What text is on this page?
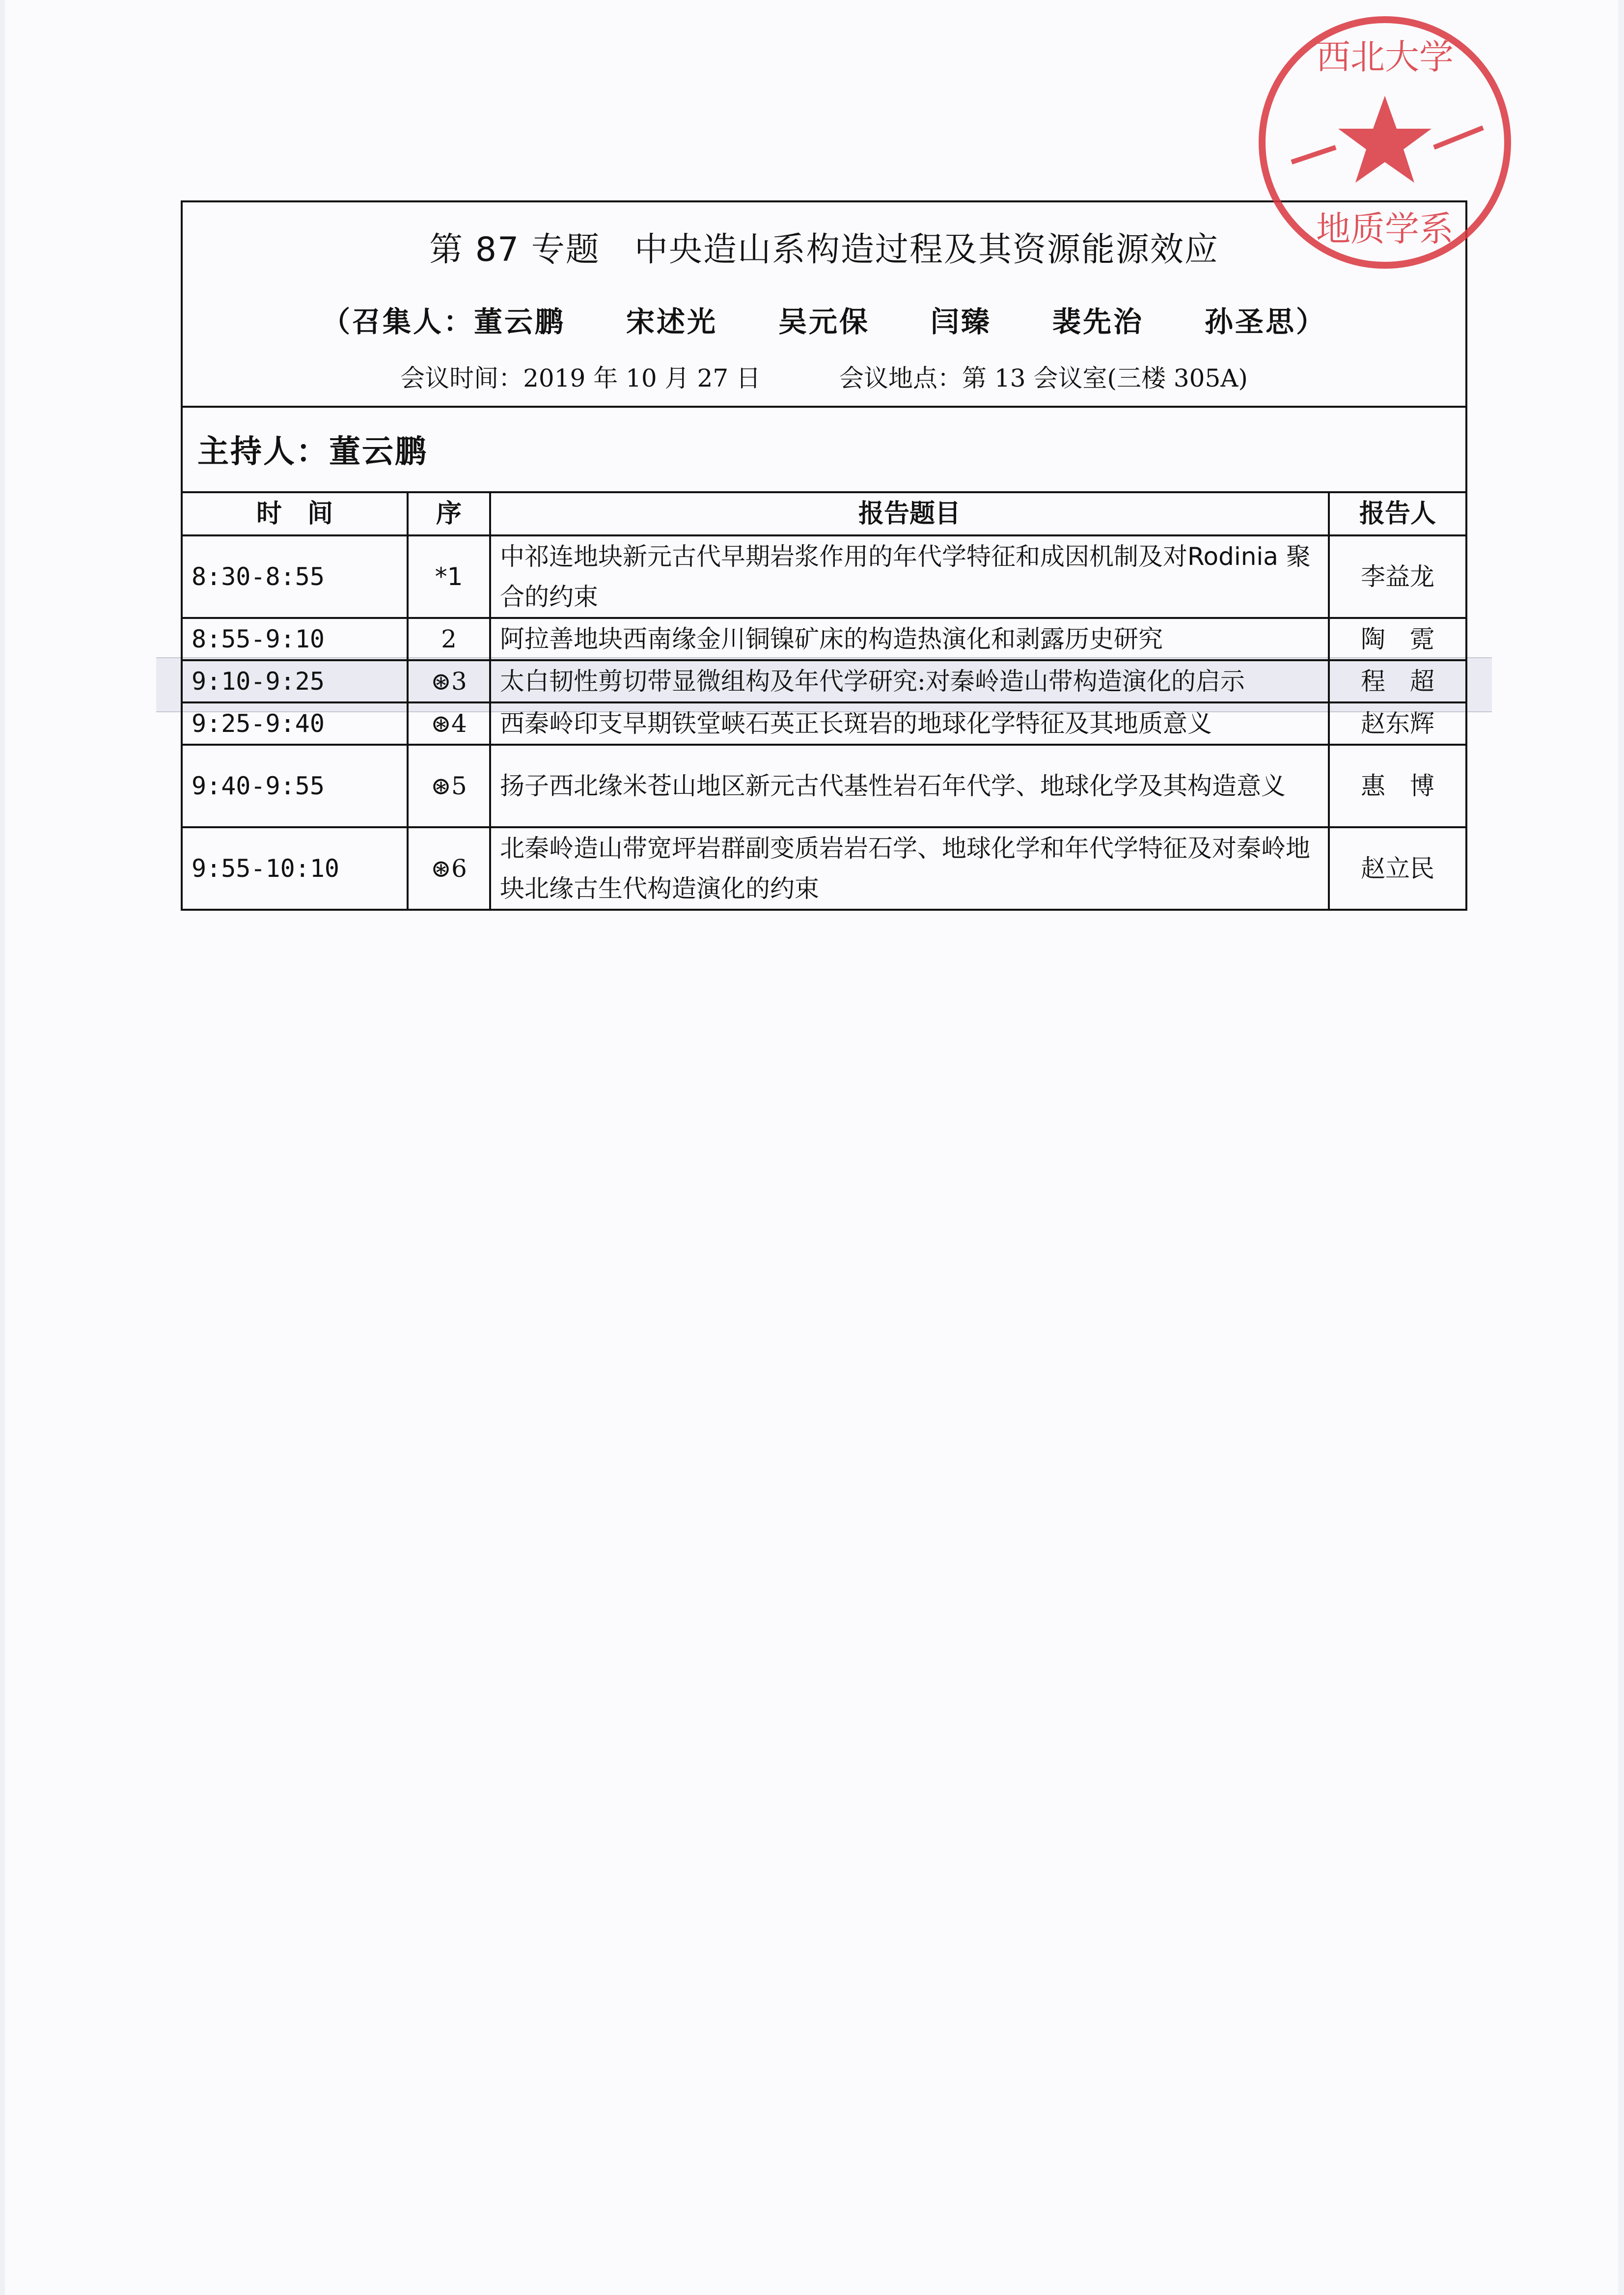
第 87 专题　中央造山系构造过程及其资源能源效应
（召集人：董云鹏　　宋述光　　吴元保　　闫臻　　裴先治　　孙圣思）
会议时间：2019 年 10 月 27 日	会议地点：第 13 会议室(三楼 305A)
主持人：董云鹏
时　间	序	报告题目	报告人
8:30-8:55	*1	中祁连地块新元古代早期岩浆作用的年代学特征和成因机制及对Rodinia 聚合的约束	李益龙
8:55-9:10	2	阿拉善地块西南缘金川铜镍矿床的构造热演化和剥露历史研究	陶　霓
9:10-9:25	⊛3	太白韧性剪切带显微组构及年代学研究:对秦岭造山带构造演化的启示	程　超
9:25-9:40	⊛4	西秦岭印支早期铁堂峡石英正长斑岩的地球化学特征及其地质意义	赵东辉
9:40-9:55	⊛5	扬子西北缘米苍山地区新元古代基性岩石年代学、地球化学及其构造意义	惠　博
9:55-10:10	⊛6	北秦岭造山带宽坪岩群副变质岩岩石学、地球化学和年代学特征及对秦岭地块北缘古生代构造演化的约束	赵立民
西北大学
地质学系
